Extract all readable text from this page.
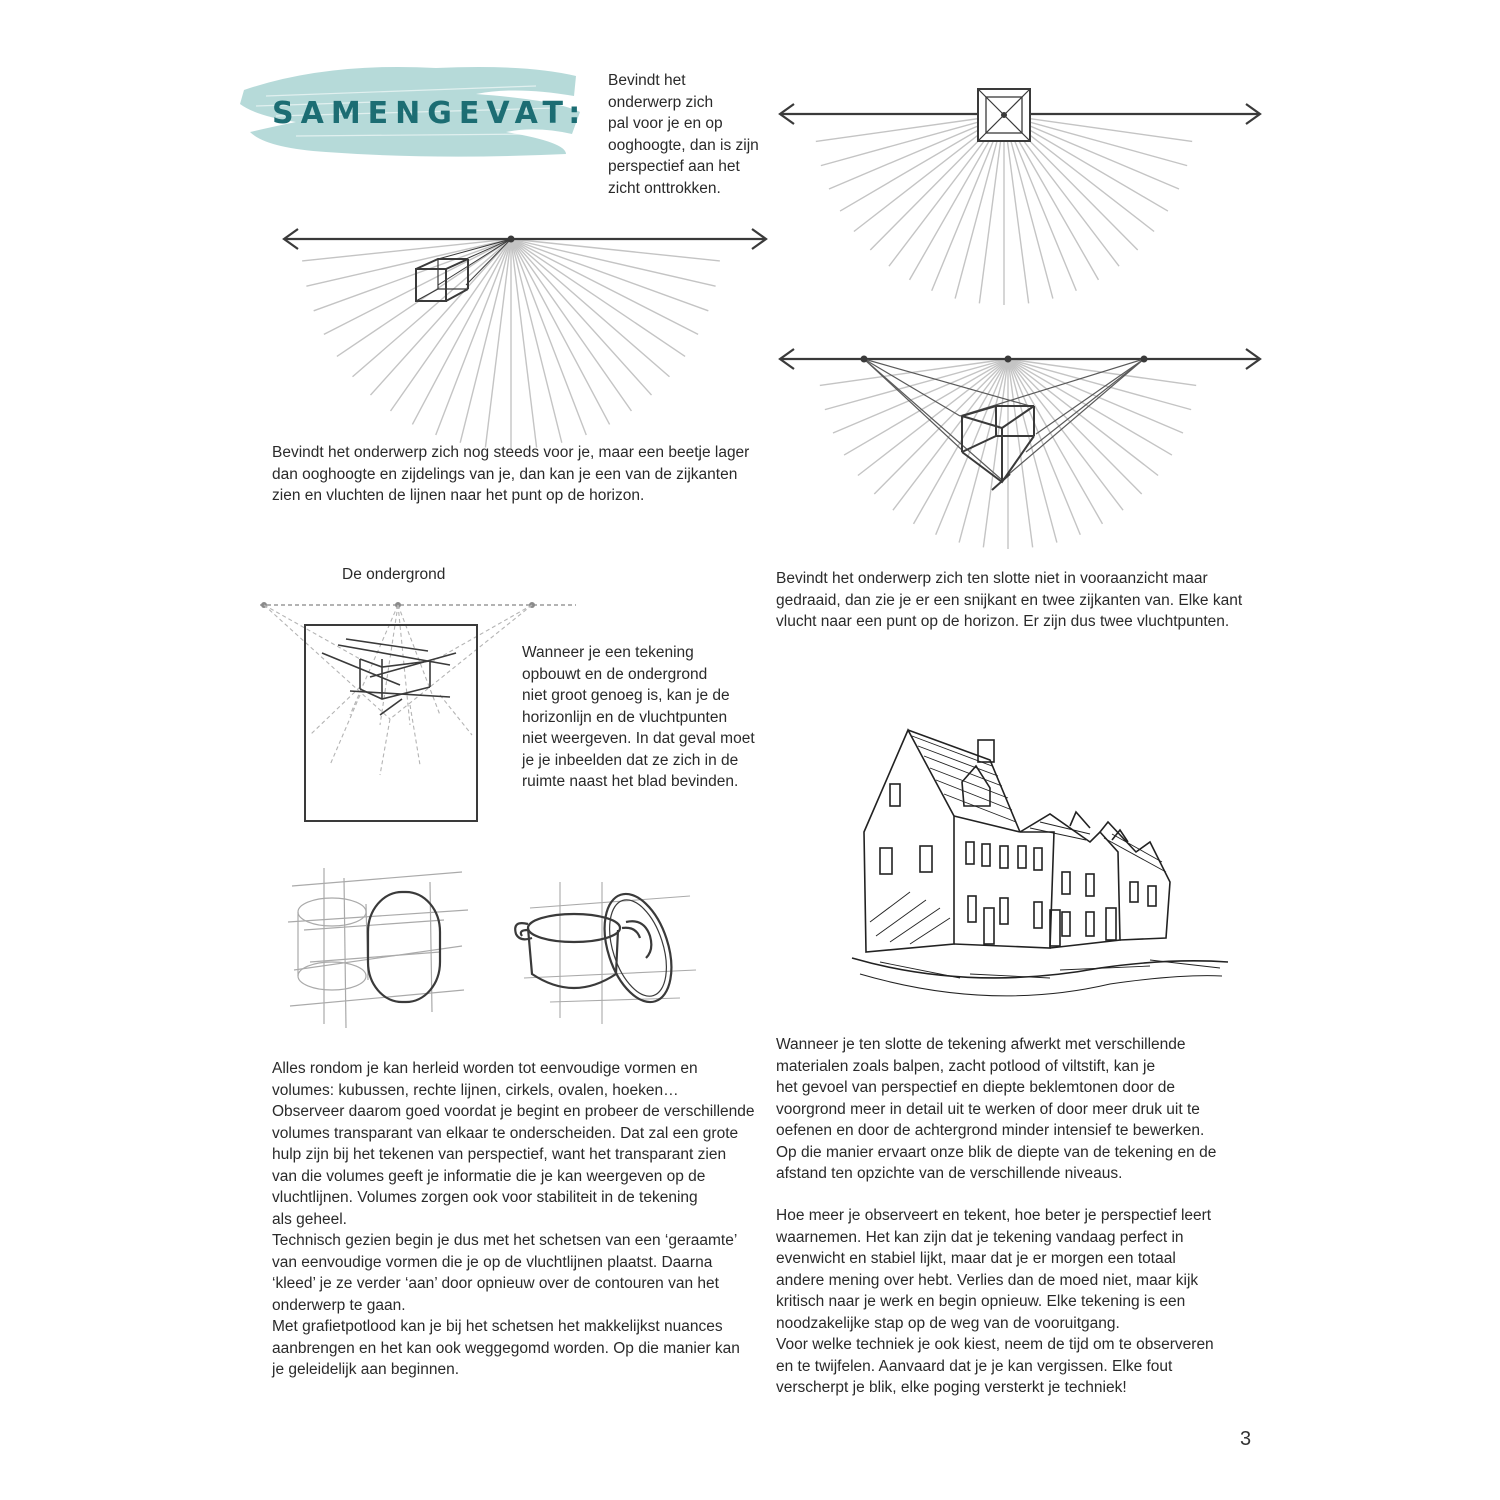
SAMENGEVAT:
Bevindt het
onderwerp zich
pal voor je en op
ooghoogte, dan is zijn
perspectief aan het
zicht onttrokken.
Bevindt het onderwerp zich nog steeds voor je, maar een beetje lager
dan ooghoogte en zijdelings van je, dan kan je een van de zijkanten
zien en vluchten de lijnen naar het punt op de horizon.
Bevindt het onderwerp zich ten slotte niet in vooraanzicht maar
gedraaid, dan zie je er een snijkant en twee zijkanten van. Elke kant
vlucht naar een punt op de horizon. Er zijn dus twee vluchtpunten.
De ondergrond
Wanneer je een tekening
opbouwt en de ondergrond
niet groot genoeg is, kan je de
horizonlijn en de vluchtpunten
niet weergeven. In dat geval moet
je je inbeelden dat ze zich in de
ruimte naast het blad bevinden.
Alles rondom je kan herleid worden tot eenvoudige vormen en
volumes: kubussen, rechte lijnen, cirkels, ovalen, hoeken…
Observeer daarom goed voordat je begint en probeer de verschillende
volumes transparant van elkaar te onderscheiden. Dat zal een grote
hulp zijn bij het tekenen van perspectief, want het transparant zien
van die volumes geeft je informatie die je kan weergeven op de
vluchtlijnen. Volumes zorgen ook voor stabiliteit in de tekening
als geheel.
Technisch gezien begin je dus met het schetsen van een ‘geraamte’
van eenvoudige vormen die je op de vluchtlijnen plaatst. Daarna
‘kleed’ je ze verder ‘aan’ door opnieuw over de contouren van het
onderwerp te gaan.
Met grafietpotlood kan je bij het schetsen het makkelijkst nuances
aanbrengen en het kan ook weggegomd worden. Op die manier kan
je geleidelijk aan beginnen.
Wanneer je ten slotte de tekening afwerkt met verschillende
materialen zoals balpen, zacht potlood of viltstift, kan je
het gevoel van perspectief en diepte beklemtonen door de
voorgrond meer in detail uit te werken of door meer druk uit te
oefenen en door de achtergrond minder intensief te bewerken.
Op die manier ervaart onze blik de diepte van de tekening en de
afstand ten opzichte van de verschillende niveaus.
Hoe meer je observeert en tekent, hoe beter je perspectief leert
waarnemen. Het kan zijn dat je tekening vandaag perfect in
evenwicht en stabiel lijkt, maar dat je er morgen een totaal
andere mening over hebt. Verlies dan de moed niet, maar kijk
kritisch naar je werk en begin opnieuw. Elke tekening is een
noodzakelijke stap op de weg van de vooruitgang.
Voor welke techniek je ook kiest, neem de tijd om te observeren
en te twijfelen. Aanvaard dat je je kan vergissen. Elke fout
verscherpt je blik, elke poging versterkt je techniek!
3
